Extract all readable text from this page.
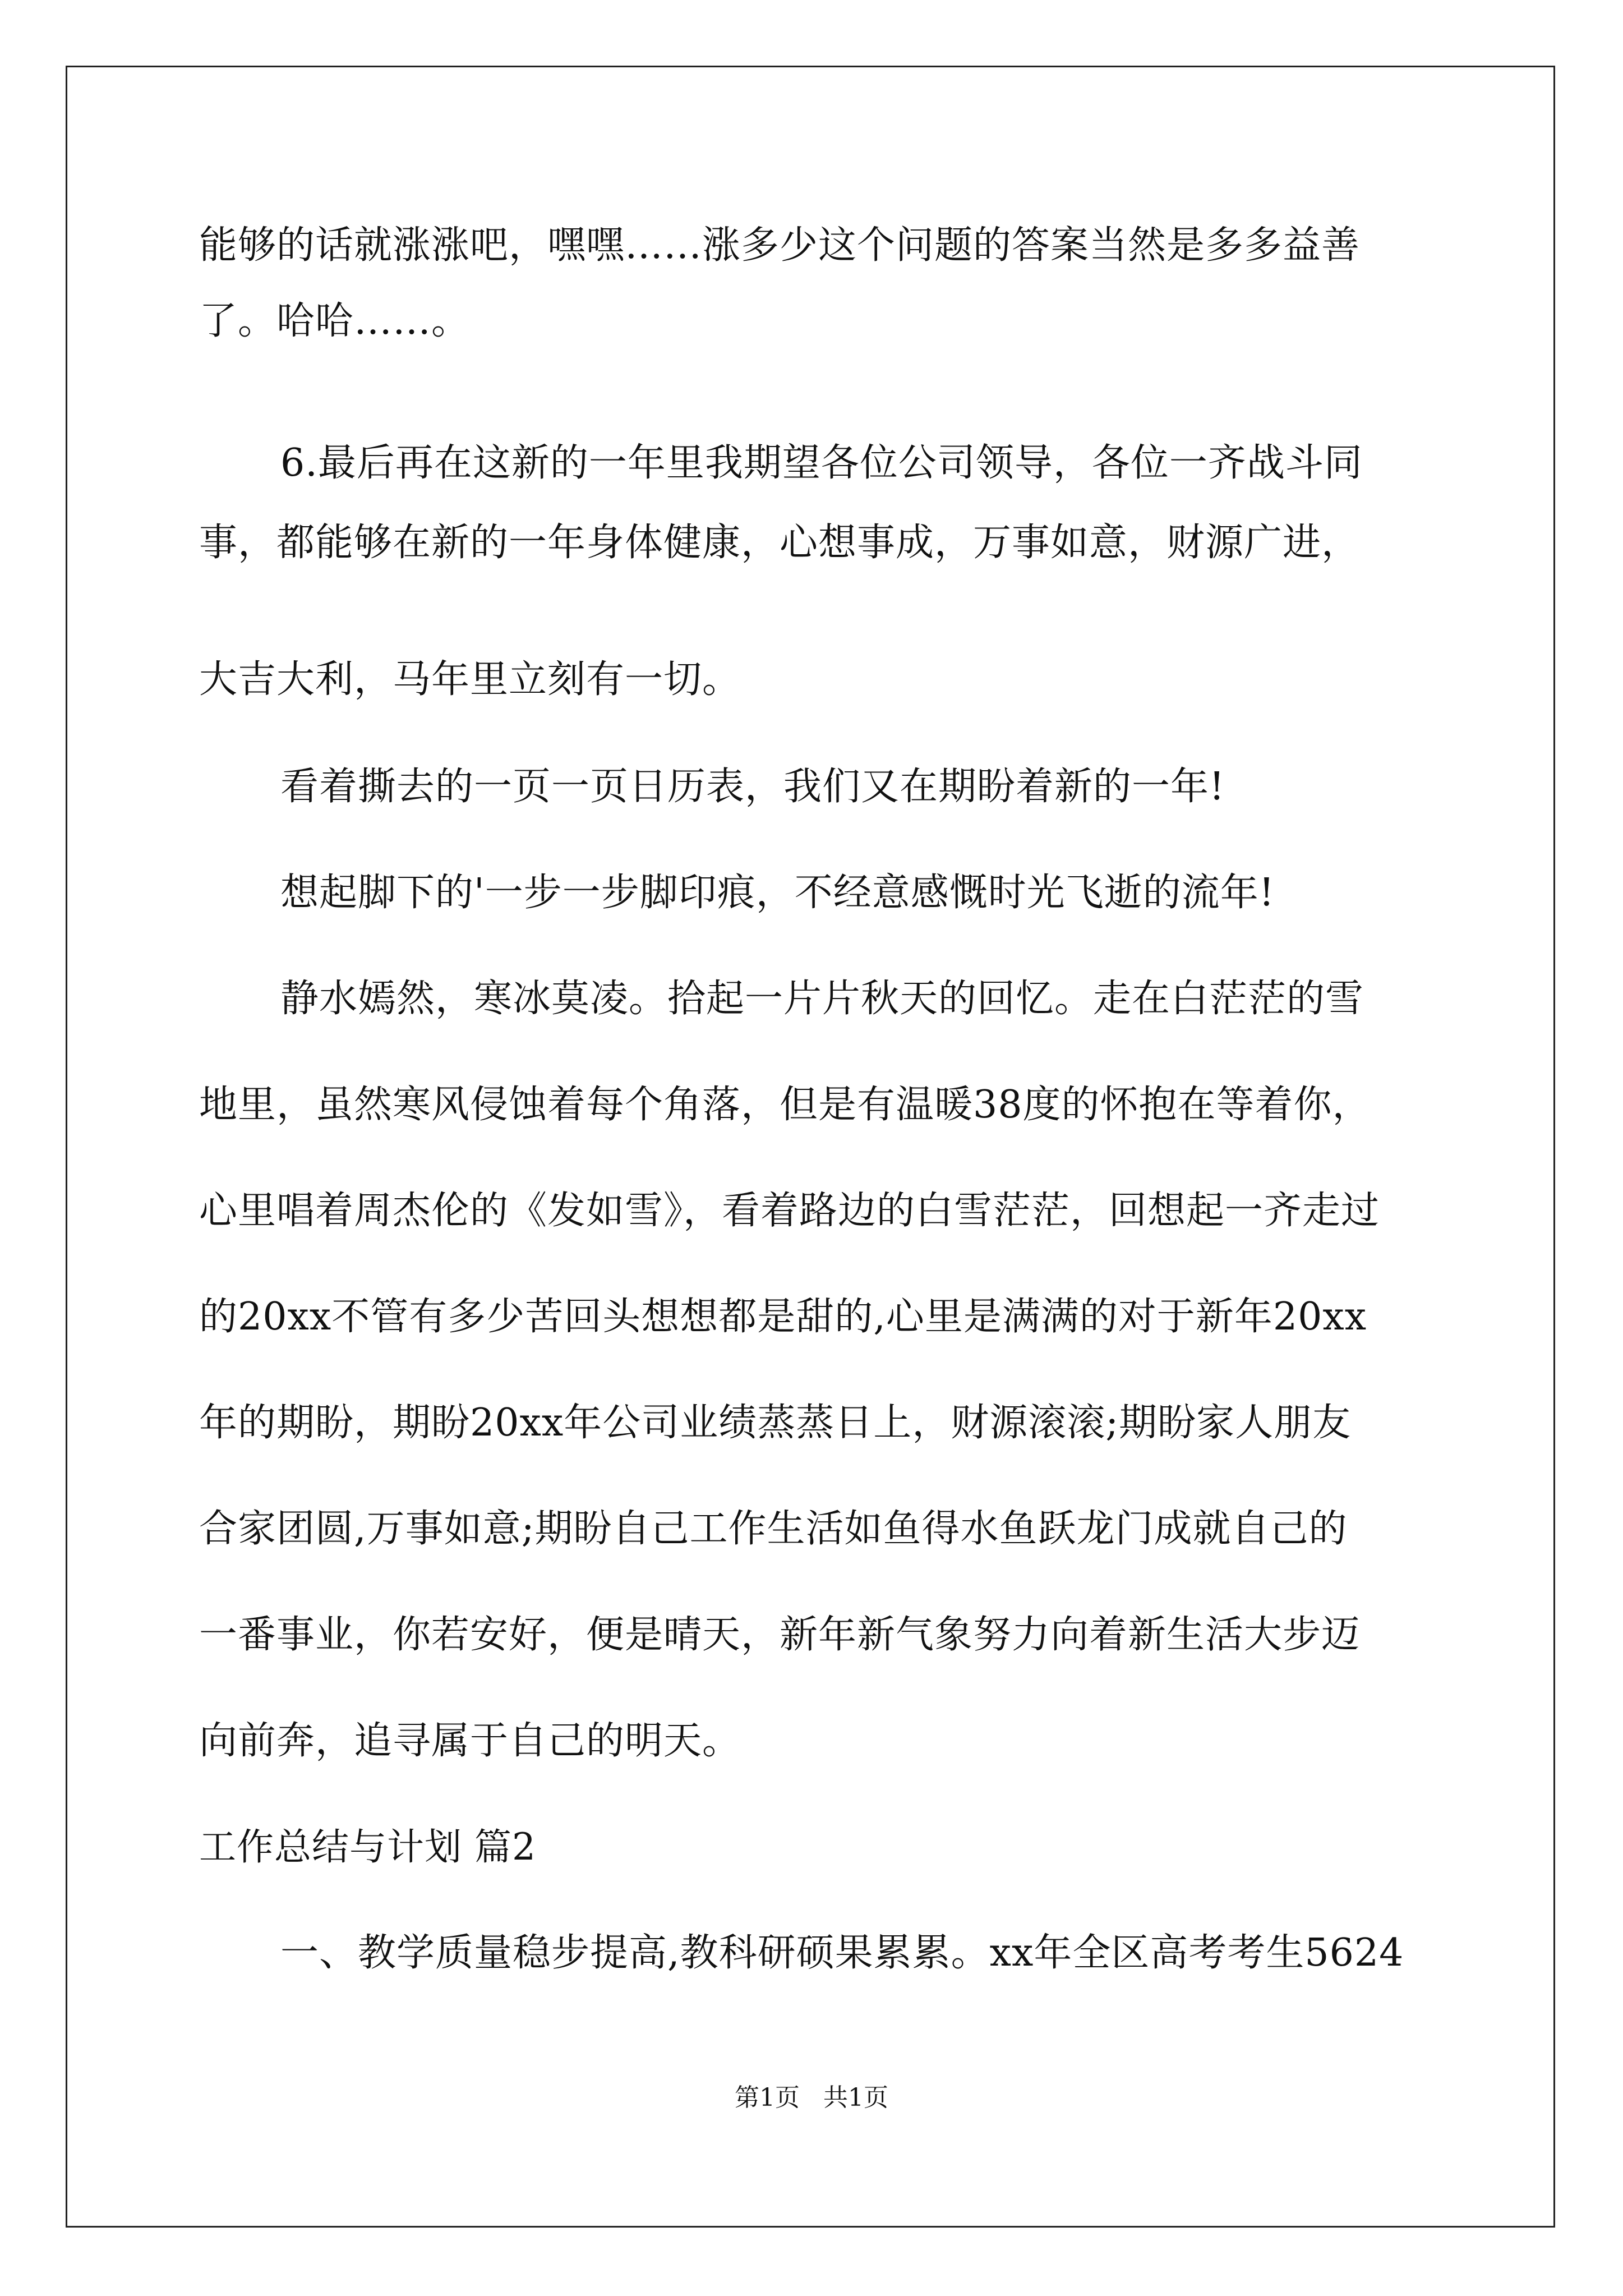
能够的话就涨涨吧，嘿嘿……涨多少这个问题的答案当然是多多益善
了。哈哈……。
6.最后再在这新的一年里我期望各位公司领导，各位一齐战斗同
事，都能够在新的一年身体健康，心想事成，万事如意，财源广进，
大吉大利，马年里立刻有一切。
看着撕去的一页一页日历表，我们又在期盼着新的一年!
想起脚下的'一步一步脚印痕，不经意感慨时光飞逝的流年!
静水嫣然，寒冰莫凌。拾起一片片秋天的回忆。走在白茫茫的雪
地里，虽然寒风侵蚀着每个角落，但是有温暖38度的怀抱在等着你，
心里唱着周杰伦的《发如雪》，看着路边的白雪茫茫，回想起一齐走过
的20xx不管有多少苦回头想想都是甜的,心里是满满的对于新年20xx
年的期盼，期盼20xx年公司业绩蒸蒸日上，财源滚滚;期盼家人朋友
合家团圆,万事如意;期盼自己工作生活如鱼得水鱼跃龙门成就自己的
一番事业，你若安好，便是晴天，新年新气象努力向着新生活大步迈
向前奔，追寻属于自己的明天。
工作总结与计划 篇2
一、教学质量稳步提高,教科研硕果累累。xx年全区高考考生5624
第1页   共1页
